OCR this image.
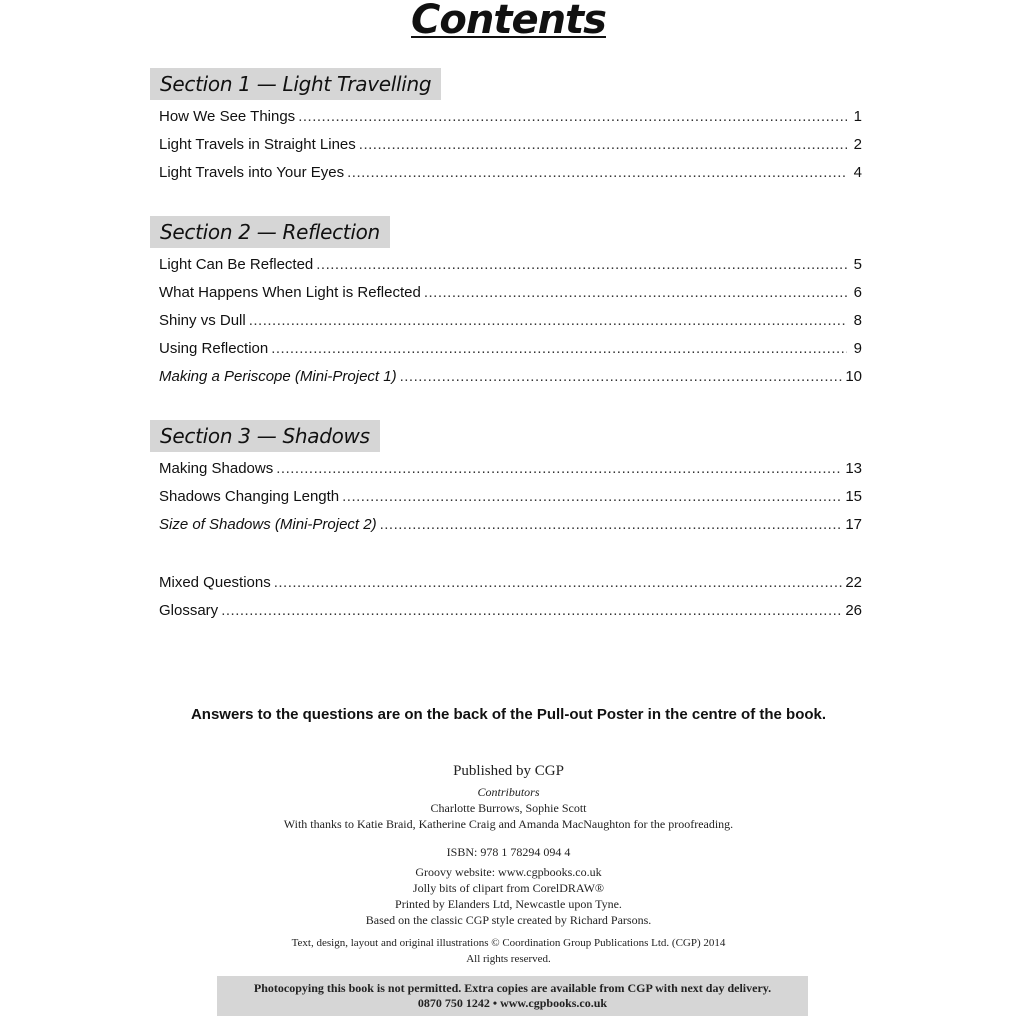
Contents
Section 1 — Light Travelling
How We See Things .....	1
Light Travels in Straight Lines .....	2
Light Travels into Your Eyes .....	4
Section 2 — Reflection
Light Can Be Reflected .....	5
What Happens When Light is Reflected .....	6
Shiny vs Dull .....	8
Using Reflection .....	9
Making a Periscope (Mini-Project 1) .....	10
Section 3 — Shadows
Making Shadows .....	13
Shadows Changing Length .....	15
Size of Shadows (Mini-Project 2) .....	17
Mixed Questions .....	22
Glossary .....	26
Answers to the questions are on the back of the Pull-out Poster in the centre of the book.
Published by CGP
Contributors
Charlotte Burrows, Sophie Scott
With thanks to Katie Braid, Katherine Craig and Amanda MacNaughton for the proofreading.
ISBN: 978 1 78294 094 4
Groovy website: www.cgpbooks.co.uk
Jolly bits of clipart from CorelDRAW®
Printed by Elanders Ltd, Newcastle upon Tyne.
Based on the classic CGP style created by Richard Parsons.
Text, design, layout and original illustrations © Coordination Group Publications Ltd. (CGP) 2014
All rights reserved.
Photocopying this book is not permitted. Extra copies are available from CGP with next day delivery.
0870 750 1242 • www.cgpbooks.co.uk
